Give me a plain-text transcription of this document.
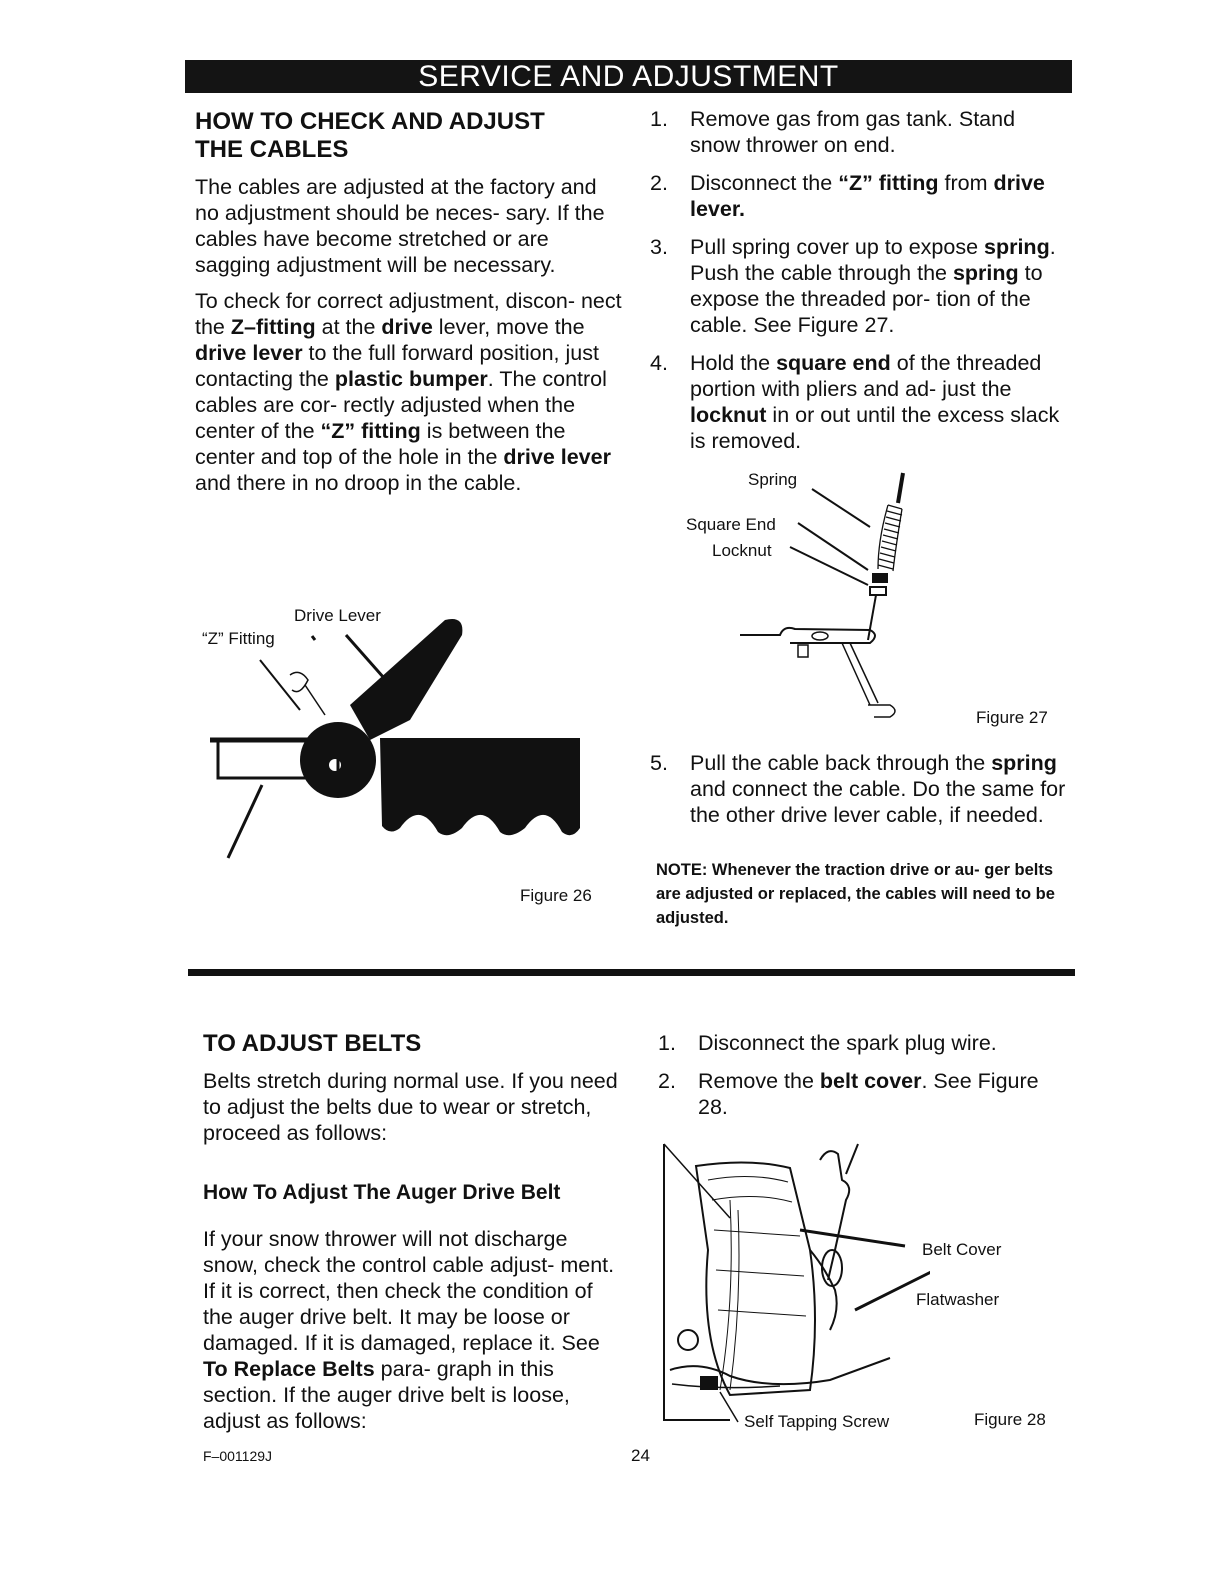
SERVICE AND ADJUSTMENT

HOW TO CHECK AND ADJUST
THE CABLES

The cables are adjusted at the factory and no adjustment should be neces- sary. If the cables have become stretched or are sagging adjustment will be necessary.

To check for correct adjustment, discon- nect the Z–fitting at the drive lever, move the drive lever to the full forward position, just contacting the plastic bumper. The control cables are cor- rectly adjusted when the center of the “Z” fitting is between the center and top of the hole in the drive lever and there in no droop in the cable.

Drive Lever
“Z” Fitting
Figure 26
1. Remove gas from gas tank. Stand snow thrower on end.
2. Disconnect the “Z” fitting from drive lever.
3. Pull spring cover up to expose spring. Push the cable through the spring to expose the threaded por- tion of the cable. See Figure 27.
4. Hold the square end of the threaded portion with pliers and ad- just the locknut in or out until the excess slack is removed.
Spring
Square End
Locknut
Figure 27
5. Pull the cable back through the spring and connect the cable. Do the same for the other drive lever cable, if needed.

NOTE: Whenever the traction drive or au- ger belts are adjusted or replaced, the cables will need to be adjusted.

TO ADJUST BELTS

Belts stretch during normal use. If you need to adjust the belts due to wear or stretch, proceed as follows:

How To Adjust The Auger Drive Belt

If your snow thrower will not discharge snow, check the control cable adjust- ment. If it is correct, then check the condition of the auger drive belt. It may be loose or damaged. If it is damaged, replace it. See To Replace Belts para- graph in this section. If the auger drive belt is loose, adjust as follows:

1. Disconnect the spark plug wire.
2. Remove the belt cover. See Figure 28.
Belt Cover
Flatwasher
Self Tapping Screw	Figure 28
F–001129J	24
